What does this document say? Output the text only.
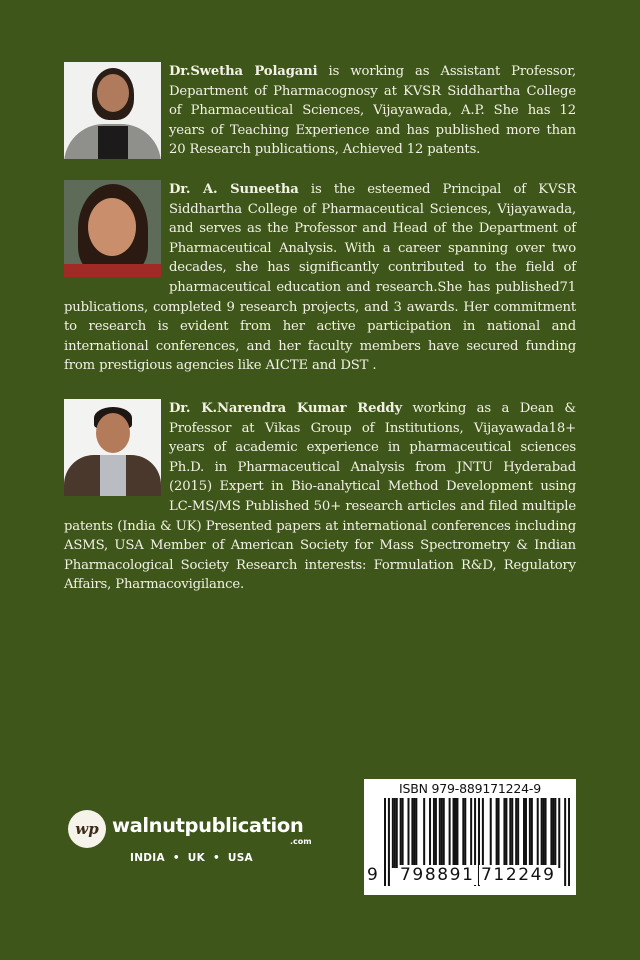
Dr.Swetha Polagani is working as Assistant Professor, Department of Pharmacognosy at KVSR Siddhartha College of Pharmaceutical Sciences, Vijayawada, A.P. She has 12 years of Teaching Experience and has published more than 20 Research publications, Achieved 12 patents.
Dr. A. Suneetha is the esteemed Principal of KVSR Siddhartha College of Pharmaceutical Sciences, Vijayawada, and serves as the Professor and Head of the Department of Pharmaceutical Analysis. With a career spanning over two decades, she has significantly contributed to the field of pharmaceutical education and research.She has published71 publications, completed 9 research projects, and 3 awards. Her commitment to research is evident from her active participation in national and international conferences, and her faculty members have secured funding from prestigious agencies like AICTE and DST .
Dr. K.Narendra Kumar Reddy working as a Dean & Professor at Vikas Group of Institutions, Vijayawada18+ years of academic experience in pharmaceutical sciences Ph.D. in Pharmaceutical Analysis from JNTU Hyderabad (2015) Expert in Bio-analytical Method Development using LC-MS/MS Published 50+ research articles and filed multiple patents (India & UK) Presented papers at international conferences including ASMS, USA Member of American Society for Mass Spectrometry & Indian Pharmacological Society Research interests: Formulation R&D, Regulatory Affairs, Pharmacovigilance.
wp walnutpublication
.com
INDIA  •  UK  •  USA
ISBN 979-889171224-9
9 798891 712249
